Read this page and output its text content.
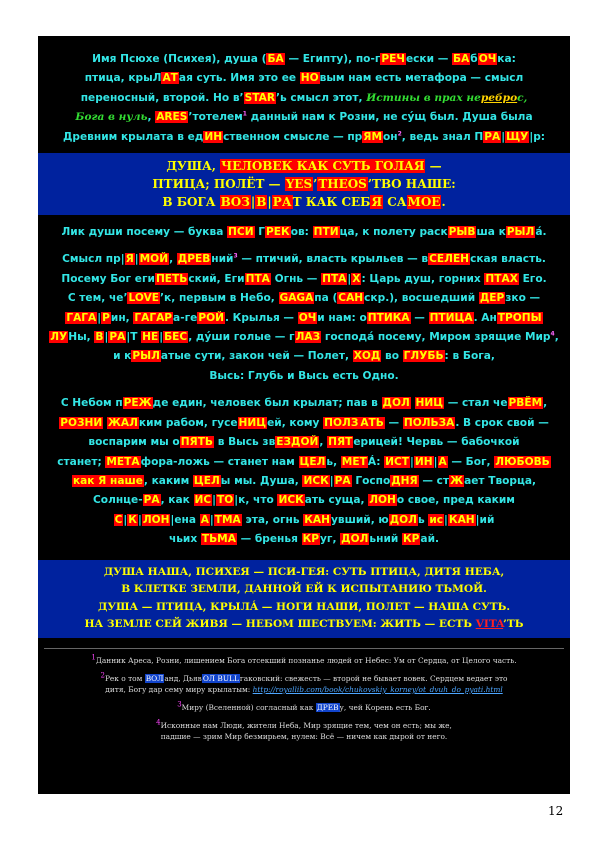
Имя Псюхе (Психея), душа (БА — Египту), по-гРЕЧески — БАбОЧка:

птица, крыЛАТая суть. Имя это ее НОвым нам есть метафора — смысл

переносный, второй. Но в’STAR’ь смысл этот, Истины в прах нереброс,

Бога в нуль, ARES’тотелем$^1$ данный нам к Розни, не сýщ был. Душа была

Древним крылата в едИНственном смысле — прЯМон$^2$, ведь знал ПРА|ЩУ|р:

ДУША, ЧЕЛОВЕК КАК СУТЬ ГОЛАЯ —

ПТИЦА; ПОЛЁТ — YES’THEOS’ТВО НАШЕ:

В БОГА ВОЗ|В|РАТ КАК СЕБЯ САМОЕ.

Лик души посему — буква ПСИ ГРЕКов: ПТИца, к полету раскРЫВша кРЫЛá.

Смысл пр|Я|МОЙ, ДРЕВний$^3$ — птичий, власть крыльев — вСЕЛЕНская власть.

Посему Бог егиПЕТЬский, ЕгиПТА Огнь — ПТА|Х: Царь душ, горних ПТАХ Его.

С тем, че’LOVE’к, первым в Небо, GAGAпа (САНскр.), восшедший ДЕРзко —

ГАГА|Рин, ГАГАРа-геРОЙ. Крылья — ОЧи нам: оПТИКА — ПТИЦА. АнТРОПЫ

ЛУНы, В|РА|Т НЕ|БЕС, дýши голые — гЛАЗ господá посему, Миром зрящие Мир$^4$,

и кРЫЛатые сути, закон чей — Полет, ХОД во ГЛУБЬ: в Бога,

Высь: Глубь и Высь есть Одно.

С Небом пРЕЖде един, человек был крылат; пав в ДОЛ НИЦ — стал чеРВЁМ,

РОЗНИ ЖАЛким рабом, гусеНИЦей, кому ПОЛЗ АТЬ — ПОЛЬЗА. В срок свой —

воспарим мы оПЯТЬ в Высь звЕЗДОЙ, ПЯТерицей! Червь — бабочкой

станет; МЕТАфора-ложь — станет нам ЦЕЛь, МЕТÁ: ИСТ|ИН|А — Бог, ЛЮБОВЬ

как Я наше, каким ЦЕЛы мы. Душа, ИСК|РА ГоспоДНЯ — стЖает Творца,

Солнце-РА, как ИС|ТО|к, что ИСКать суща, ЛОНо свое, пред каким

С|К|ЛОН|ена А|ТМА эта, огнь КАНувший, юДОЛь ис|КАН|ий

чьих ТЬМА — бренья КРуг, ДОЛьний КРай.

ДУША НАША, ПСИХЕЯ — ПСИ-ГЕЯ: СУТЬ ПТИЦА, ДИТЯ НЕБА,

В КЛЕТКЕ ЗЕМЛИ, ДАННОЙ ЕЙ К ИСПЫТАНИЮ ТЬМОЙ.

ДУША — ПТИЦА, КРЫЛÁ — НОГИ НАШИ, ПОЛЕТ — НАША СУТЬ.

НА ЗЕМЛЕ СЕЙ ЖИВЯ — НЕБОМ ШЕСТВУЕМ: ЖИТЬ — ЕСТЬ VITA’ТЬ

$^1$Данник Ареса, Розни, лишением Бога отсекший познанье людей от Небес: Ум от Сердца, от Целого часть.

$^2$Рек о том ВОЛанд, ДьявОЛ BULLгаковский: свежесть — второй не бывает вовек. Сердцем ведает это
дитя, Богу дар сему миру крылатым: http://royallib.com/book/chukovskiy_korney/ot_dvuh_do_pyati.html

$^3$Миру (Вселенной) согласный как ДРЕВу, чей Корень есть Бог.

$^4$Исконные нам Люди, жители Неба, Мир зрящие тем, чем он есть; мы же,
падшие — зрим Мир безмирьем, нулем: Всё — ничем как дырой от него.

12
